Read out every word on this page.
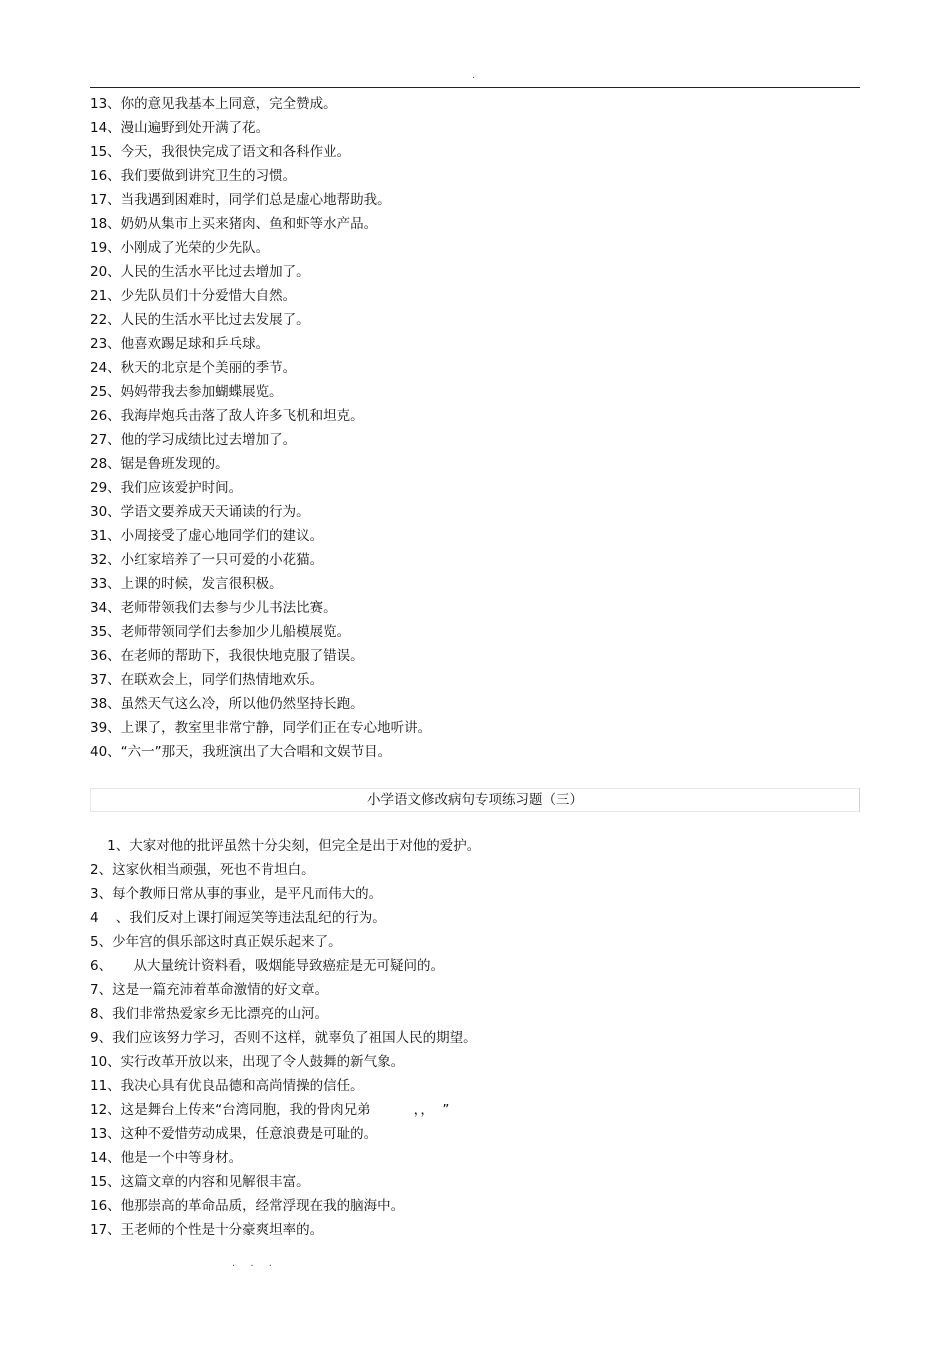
.
13、你的意见我基本上同意，完全赞成。
14、漫山遍野到处开满了花。
15、今天，我很快完成了语文和各科作业。
16、我们要做到讲究卫生的习惯。
17、当我遇到困难时，同学们总是虚心地帮助我。
18、奶奶从集市上买来猪肉、鱼和虾等水产品。
19、小刚成了光荣的少先队。
20、人民的生活水平比过去增加了。
21、少先队员们十分爱惜大自然。
22、人民的生活水平比过去发展了。
23、他喜欢踢足球和乒乓球。
24、秋天的北京是个美丽的季节。
25、妈妈带我去参加蝴蝶展览。
26、我海岸炮兵击落了敌人许多飞机和坦克。
27、他的学习成绩比过去增加了。
28、锯是鲁班发现的。
29、我们应该爱护时间。
30、学语文要养成天天诵读的行为。
31、小周接受了虚心地同学们的建议。
32、小红家培养了一只可爱的小花猫。
33、上课的时候，发言很积极。
34、老师带领我们去参与少儿书法比赛。
35、老师带领同学们去参加少儿船模展览。
36、在老师的帮助下，我很快地克服了错误。
37、在联欢会上，同学们热情地欢乐。
38、虽然天气这么冷，所以他仍然坚持长跑。
39、上课了，教室里非常宁静，同学们正在专心地听讲。
40、“六一”那天，我班演出了大合唱和文娱节目。
小学语文修改病句专项练习题（三）
1、大家对他的批评虽然十分尖刻，但完全是出于对他的爱护。
2、这家伙相当顽强，死也不肯坦白。
3、每个教师日常从事的事业，是平凡而伟大的。
4    、我们反对上课打闹逗笑等违法乱纪的行为。
5、少年宫的俱乐部这时真正娱乐起来了。
6、     从大量统计资料看，吸烟能导致癌症是无可疑问的。
7、这是一篇充沛着革命激情的好文章。
8、我们非常热爱家乡无比漂亮的山河。
9、我们应该努力学习，否则不这样，就辜负了祖国人民的期望。
10、实行改革开放以来，出现了令人鼓舞的新气象。
11、我决心具有优良品德和高尚情操的信任。
12、这是舞台上传来“台湾同胞，我的骨肉兄弟          ，，  ”
13、这种不爱惜劳动成果，任意浪费是可耻的。
14、他是一个中等身材。
15、这篇文章的内容和见解很丰富。
16、他那崇高的革命品质，经常浮现在我的脑海中。
17、王老师的个性是十分豪爽坦率的。
. . .
